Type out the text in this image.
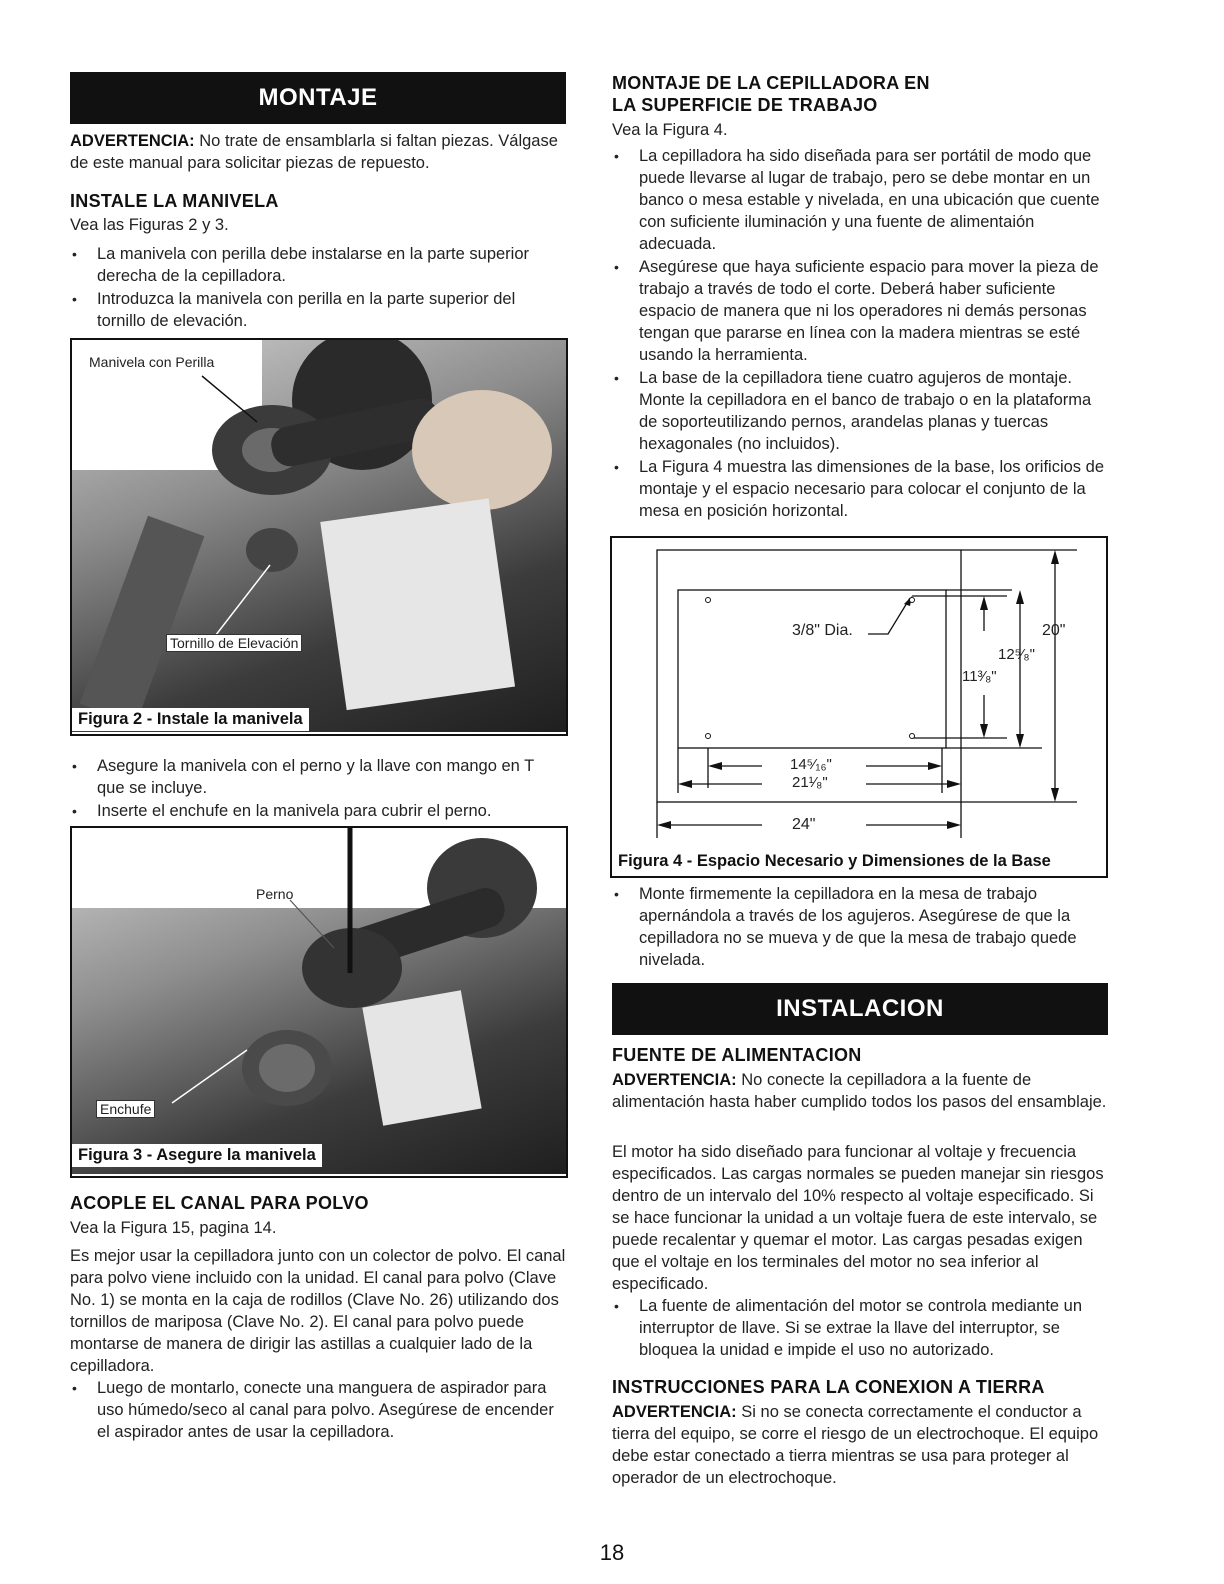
MONTAJE
ADVERTENCIA: No trate de ensamblarla si faltan piezas. Válgase de este manual para solicitar piezas de repuesto.
INSTALE LA MANIVELA
Vea las Figuras 2 y 3.
• La manivela con perilla debe instalarse en la parte superior derecha de la cepilladora.
• Introduzca la manivela con perilla en la parte superior del tornillo de elevación.
Manivela con Perilla
Tornillo de Elevación
Figura 2 - Instale la manivela
• Asegure la manivela con el perno y la llave con mango en T que se incluye.
• Inserte el enchufe en la manivela para cubrir el perno.
Perno
Enchufe
Figura 3 - Asegure la manivela
ACOPLE EL CANAL PARA POLVO
Vea la Figura 15, pagina 14.
Es mejor usar la cepilladora junto con un colector de polvo. El canal para polvo viene incluido con la unidad. El canal para polvo (Clave No. 1) se monta en la caja de rodillos (Clave No. 26) utilizando dos tornillos de mariposa (Clave No. 2). El canal para polvo puede montarse de manera de dirigir las astillas a cualquier lado de la cepilladora.
• Luego de montarlo, conecte una manguera de aspirador para uso húmedo/seco al canal para polvo. Asegúrese de encender el aspirador antes de usar la cepilladora.
MONTAJE DE LA CEPILLADORA EN
LA SUPERFICIE DE TRABAJO
Vea la Figura 4.
• La cepilladora ha sido diseñada para ser portátil de modo que puede llevarse al lugar de trabajo, pero se debe montar en un banco o mesa estable y nivelada, en una ubicación que cuente con suficiente iluminación y una fuente de alimentaión adecuada.
• Asegúrese que haya suficiente espacio para mover la pieza de trabajo a través de todo el corte. Deberá haber suficiente espacio de manera que ni los operadores ni demás personas tengan que pararse en línea con la madera mientras se esté usando la herramienta.
• La base de la cepilladora tiene cuatro agujeros de montaje. Monte la cepilladora en el banco de trabajo o en la plataforma de soporteutilizando pernos, arandelas planas y tuercas hexagonales (no incluidos).
• La Figura 4 muestra las dimensiones de la base, los orificios de montaje y el espacio necesario para colocar el conjunto de la mesa en posición horizontal.
3/8" Dia.	20"
12⁵⁄₈"
11³⁄₈"
14⁵⁄₁₆"
21¹⁄₈"
24"
Figura 4 - Espacio Necesario y Dimensiones de la Base
• Monte firmemente la cepilladora en la mesa de trabajo apernándola a través de los agujeros. Asegúrese de que la cepilladora no se mueva y de que la mesa de trabajo quede nivelada.
INSTALACION
FUENTE DE ALIMENTACION
ADVERTENCIA: No conecte la cepilladora a la fuente de alimentación hasta haber cumplido todos los pasos del ensamblaje.
El motor ha sido diseñado para funcionar al voltaje y frecuencia especificados. Las cargas normales se pueden manejar sin riesgos dentro de un intervalo del 10% respecto al voltaje especificado. Si se hace funcionar la unidad a un voltaje fuera de este intervalo, se puede recalentar y quemar el motor. Las cargas pesadas exigen que el voltaje en los terminales del motor no sea inferior al especificado.
• La fuente de alimentación del motor se controla mediante un interruptor de llave. Si se extrae la llave del interruptor, se bloquea la unidad e impide el uso no autorizado.
INSTRUCCIONES PARA LA CONEXION A TIERRA
ADVERTENCIA: Si no se conecta correctamente el conductor a tierra del equipo, se corre el riesgo de un electrochoque. El equipo debe estar conectado a tierra mientras se usa para proteger al operador de un electrochoque.
18
